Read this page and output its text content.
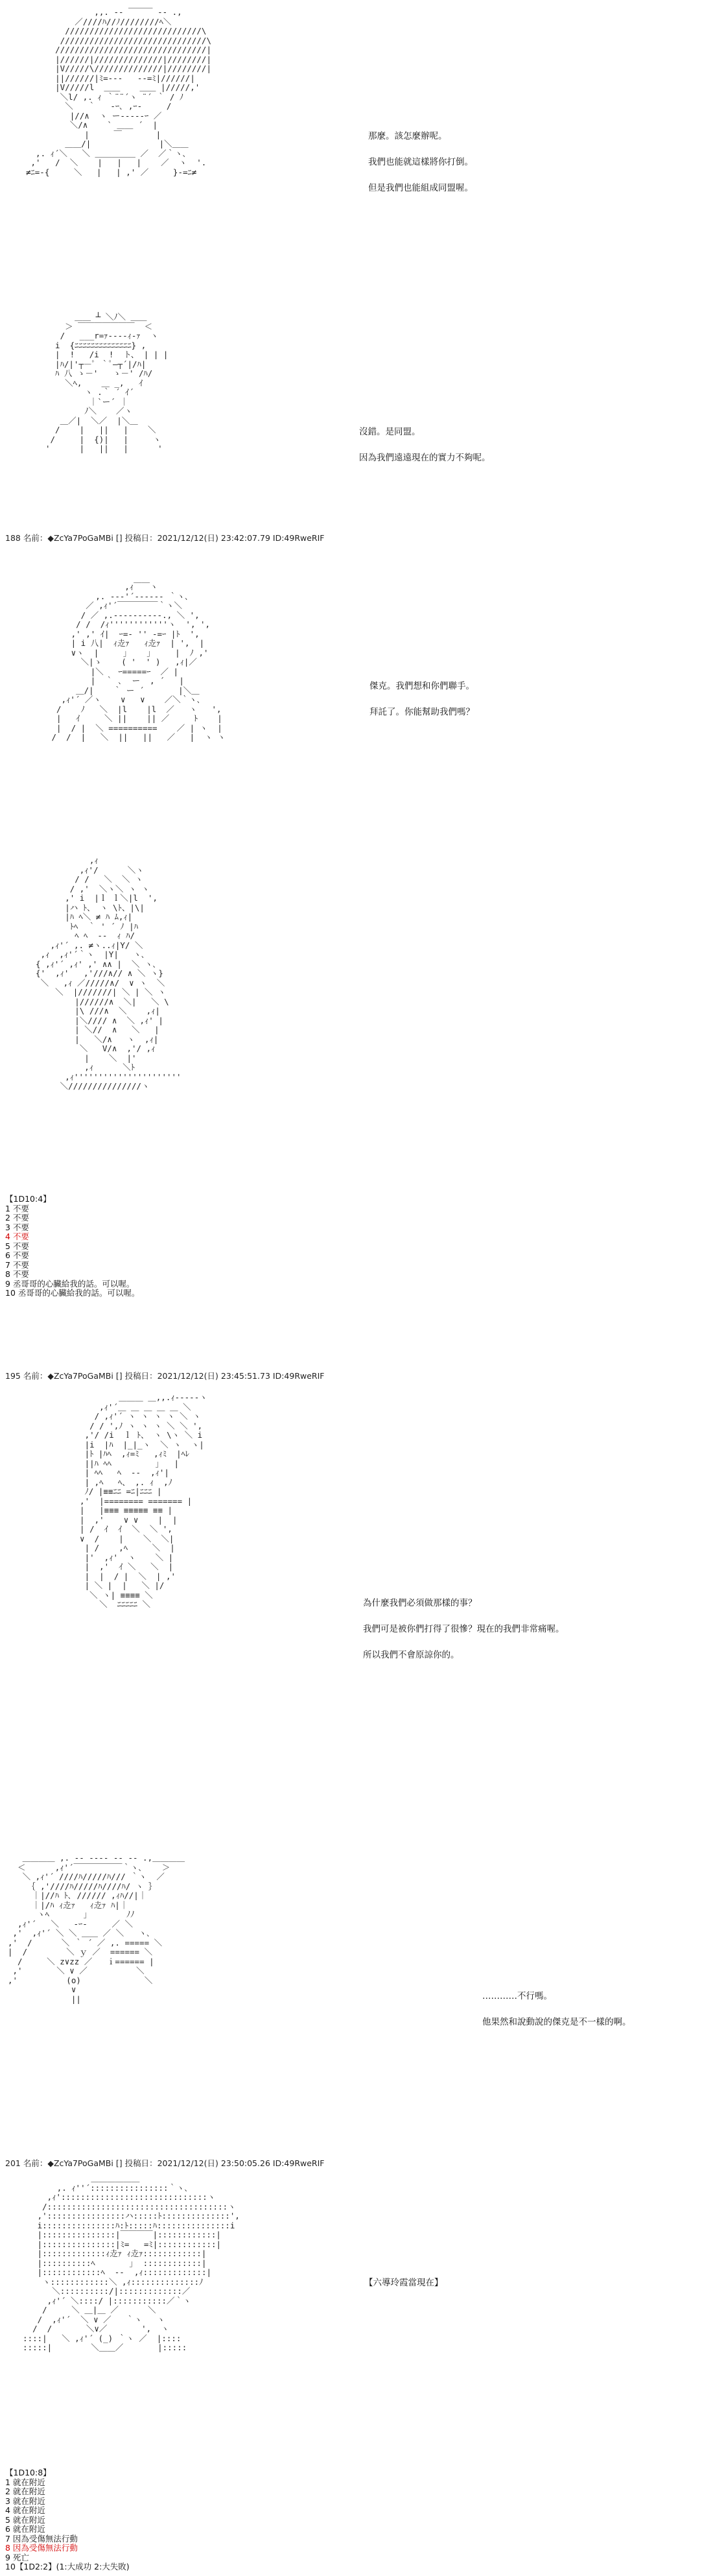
,,. -‐ ￣￣￣ ‐- .,
／////ﾊ//ﾉ////////ﾍ＼
////////////////////////////\
//////////////////////////////\
///////////////////////////////|
|//////|//////////////|////////|
|V/////\//////////////|////////|
||//////|ﾐ=-‐-   ‐-=ﾐ|//////|
|V/////l  ＿＿    ＿＿ |/////,'
＼l/ ,. ｨ ｀¨¨´ヽ ¨´ ｀ / ﾉ
＼   ｀   -ｰ､ ,ｰ-     /
|//∧  ヽ ー-----ｰ ／
＼/∧    ` ＿＿ ´  |
|     ￣       |
＿＿/|              |＼＿＿
,. ｨ´＼   ＼ ＿＿＿＿＿ ／  ／｀ヽ､
,'   /  ＼    |   |   |    ／  ヽ  '.
≠ﾆ=-{     ＼   |   | ,' ／     }-=ﾆ≠
那麼。該怎麼辦呢。
我們也能就這樣將你打倒。
但是我們也能組成同盟喔。
＿＿ ┴ ＼ﾉ＼ ＿＿
＞ ￣￣￣￣￣￣￣  ＜
/   ___r=ｧ-‐-‐ｨ-ｧ  ヽ
i  {ﾆﾆﾆﾆﾆﾆﾆﾆﾆﾆﾆﾆﾆﾆ} ,
|  !   /i  !  ト、 | | |
|ﾊ/|'┬―ﾟ ｀ﾟ―┬´|/ﾊ|
ﾊ 八 ゝ－'   ゝ－' /ﾊ/
＼ﾍ,    ＿ _,   ｲ
ヽ .｀ ´ ｲ´
｜`ー´ ｜
ﾉ＼    ／ヽ
＿／|  ＼／  |＼＿
/    |   ||   |    ＼
/     |  {)|   |     ヽ
'      |   ||   |      '
沒錯。是同盟。
因為我們遠遠現在的實力不夠呢。
188 名前：◆ZcYa7PoGaMBi [] 投稿日：2021/12/12(日) 23:42:07.79 ID:49RweRIF
,ｨ￣￣ヽ
,. ---'´‐‐‐‐‐‐ ｀ヽ､
／ ,ｨ'´￣￣￣￣￣｀ヽ＼
/ ／ ,.-‐‐‐‐‐‐‐‐-., ＼ ',
/ /  /ｨ''''''''''''ヽ  ', ',
,' ,' ｲ|  ｰ=- '' -=ｰ |ﾄ  ',
| i 八|  ｨ赱ｧ   ｨ赱ｧ  | ',  |
∨ヽ  |     ｣    ｣     |  ﾉ ,'
＼|ゝ    ( '  ' )   ,ｨ|／
|＼   ｰ=====ｰ  ／ |
|  ｀ ､  ー  , ´   |
＿/|    ｀ ー ´       |＼＿
,ｨ'´ ／ヽ    ∨   ∨    ／＼｀ヽ､
/    ﾉ   ＼  |l    |l  ／   ヽ   ',
|   ｲ     ＼ ||    || ／     ﾄ    |
|  / |  ＼ ==========    ／ | ヽ  |
/  /  |   ＼  ||   ||   ／   |  ヽ ヽ
傑克。我們想和你們聯手。
拜託了。你能幫助我們嗎？
,ｨ
,ｨ'/      ＼ヽ
/ /   ＼  ＼ ヽ
/ ,'  ＼ヽ＼ ヽ ヽ
,' i  |ｌ ｌ＼|l  ',
|ハ ﾄ、 ヽ \ﾄ、|\|
|ﾊ ﾍ＼ ≠ ﾊ ﾑ,ｨ|
ﾄﾍ  ｀ ' ´ ﾉ |ﾊ
ﾍ ﾍ  ‐-  ｨ ﾊ/
,ｨ'´ ,. ≠ヽ..ｨ|Y/ ＼
,ｨ  ,ｨ'´｀ヽ  |Y|   ヽ､
{ ,ｨ'´ ,ｨ' ,' ∧∧ |  ＼ ヽ､
{'  ,ｨ'   ,'///∧// ∧ ＼ ヽ}
＼   ,ｨ ／/////∧/  ∨ ヽ  ＼
＼  |///////| ＼ | ＼ ヽ
|//////∧  ＼|   ＼ \
|\ ///∧  ＼    ,ｨ|
|＼//// ∧  ＼ ,ｨ' |
| ＼//  ∧   ＼   |
|   ＼/∧   ヽ  ,ｨ|
＼   V/∧  ,'/ ,ｨ
|    ＼  |'
,ｨ      ＼ﾄ
,ｨ''''''''''''''''''''''
＼///////////////ヽ
【1D10:4】
1 不要
2 不要
3 不要
4 不要
5 不要
6 不要
7 不要
8 不要
9 丞哥哥的心臟給我的話。可以喔。
10 丞哥哥的心臟給我的話。可以喔。
195 名前：◆ZcYa7PoGaMBi [] 投稿日：2021/12/12(日) 23:45:51.73 ID:49RweRIF
＿＿＿ ＿,,.ｨ-‐‐‐-ヽ
,ｨ'´＿ ＿ ＿ ＿ ＿ ＼
/ ,ｨ'´ ヽ ヽ ヽ ヽ ＼ ヽ
/ / ',ﾉ ヽ ヽ ヽ ＼ ＼ ',
,'/ /i  ｌ ﾄ、 ヽ \ヽ ＼ i
|i  |ﾊ  |_|_ヽ  ＼ ヽ  ヽ|
|ﾄ |ﾊﾍ  ,ｨ=ﾐ   ,ｨﾐ  |ﾍﾚ
||ﾊ ﾍﾍ         ｣   |
| ﾍﾍ   ﾍ  ‐-  ,ｨ'|
| ,ﾍ   ﾍ、 ,. ｨ  ,ﾉ
ﾉ/ |≡≡ﾆﾆ =ﾆ|ﾆﾆﾆ |
,'  |======== ======= |
|   |≡≡≡ ≡≡≡≡≡ ≡≡ |
|  ,'    ∨ ∨    |  |
| /  ｲ  ｲ  ＼  ＼ ',
∨  /    |    ＼  ＼|
| /    ,ﾍ     ＼  |
|'  ,ｨ'  ヽ    ＼ |
|  ,'  ｲ ＼   ＼  |
|  |  / |  ＼  | ,'
| ＼ |  |   ＼ |/
＼ ヽ| ≡≡≡≡ ＼
＼  ﾆﾆﾆﾆﾆ ＼	為什麼我們必須做那樣的事？
我們可是被你們打得了很慘？現在的我們非常痛喔。
所以我們不會原諒你的。
＿＿＿＿ ,. -- ‐‐‐‐ ‐‐ -- .,＿＿＿＿
＜      ,ｨ'´￣￣￣￣￣￣｀ヽ､    ＞
＼ ,ｨ'´ ////ﾊ/////ﾊ/// ｀ヽ  ／
｛ ,'////ﾊ/////ﾊ////ﾊ/ ヽ ｝
｜|//ﾊ ﾄ､ ////// ,ｨﾊ//|｜
｜|/ﾊ ｨ赱ｧ   ｨ赱ｧ ﾊ|｜
ヽﾍ       ｣        ﾉﾉ
,ｨ'´   ＼   -ｰ-     ／ ＼
,'  ,ｨ'´ ＼ ＼ ＿＿ ／ ＼   ヽ､
,'  /      ＼ ｀ ´ ／ ,. ===== ＼
|  /        ＼ ｙ ／  ====== ＼
/     ＼ z∨zz ／   ｉ====== |
,'       ＼ ∨ ／          ＼
,'          (o)             ＼
∨
||	…………不行嗎。
他果然和說動說的傑克是不一樣的啊。
201 名前：◆ZcYa7PoGaMBi [] 投稿日：2021/12/12(日) 23:50:05.26 ID:49RweRIF
＿＿＿＿＿＿
,. ｨ''´::::::::::::::::｀ヽ､
,ｨ'::::::::::::::::::::::::::::::ヽ
/:::::::::::::::::::::::::::::::::::::ヽ
,'::::::::::::::::ハ:::::ﾄ::::::::::::::',
i:::::::::::::::ﾊ:ﾄ:::::ﾊ:::::::::::::::i
|:::::::::::::::|￣￣￣￣|::::::::::::|
|:::::::::::::::|ﾐ=   =ﾐ|::::::::::::|
|:::::::::::::ｨ赱ｧ ｨ赱ｧ::::::::::::|
|::::::::::ﾍ       ｣  ::::::::::::|
|::::::::::::ﾍ  ‐-  ,ｨ:::::::::::::|
ヽ::::::::::::＼ ,ｨ::::::::::::::ﾉ
＼::::::::::/|:::::::::::::／
,ｨ'´ ＼::::/ |:::::::::::／｀ヽ
/     ＼ ＿|＿ ／      ＼
/  ,ｨ'´  ＼ ∨ ／   ｀ヽ   ヽ
/  /       ＼∨／       ',  ヽ
::::|   ＼ ,ｨ'´ (_) ｀ヽ ／  |::::
:::::|        ＼＿＿／       |:::::
【六導玲霞當現在】
【1D10:8】
1 就在附近
2 就在附近
3 就在附近
4 就在附近
5 就在附近
6 就在附近
7 因為受傷無法行動
8 因為受傷無法行動
9 死亡
10【1D2:2】(1:大成功 2:大失敗)
